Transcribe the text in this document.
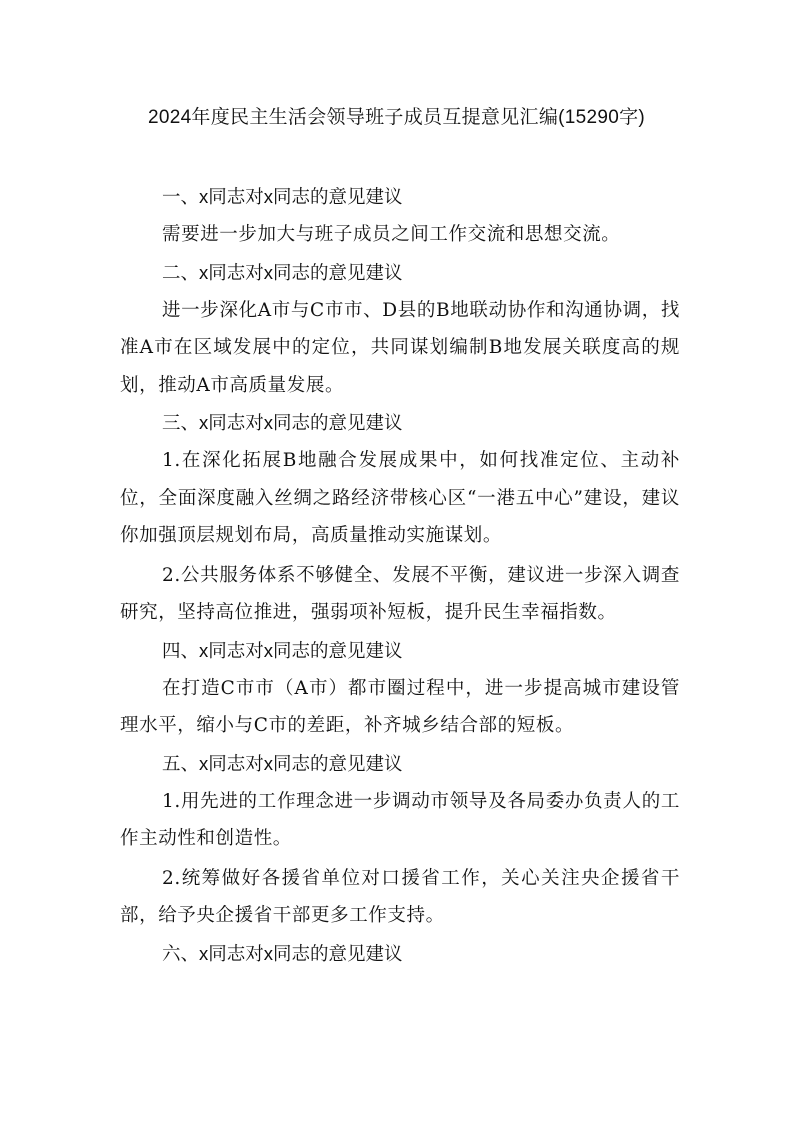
2024年度民主生活会领导班子成员互提意见汇编(15290字)
一、x同志对x同志的意见建议

需要进一步加大与班子成员之间工作交流和思想交流。

二、x同志对x同志的意见建议

进一步深化A市与C市市、D县的B地联动协作和沟通协调，找准A市在区域发展中的定位，共同谋划编制B地发展关联度高的规划，推动A市高质量发展。

三、x同志对x同志的意见建议

1.在深化拓展B地融合发展成果中，如何找准定位、主动补位，全面深度融入丝绸之路经济带核心区“一港五中心”建设，建议你加强顶层规划布局，高质量推动实施谋划。

2.公共服务体系不够健全、发展不平衡，建议进一步深入调查研究，坚持高位推进，强弱项补短板，提升民生幸福指数。

四、x同志对x同志的意见建议

在打造C市市（A市）都市圈过程中，进一步提高城市建设管理水平，缩小与C市的差距，补齐城乡结合部的短板。

五、x同志对x同志的意见建议

1.用先进的工作理念进一步调动市领导及各局委办负责人的工作主动性和创造性。

2.统筹做好各援省单位对口援省工作，关心关注央企援省干部，给予央企援省干部更多工作支持。

六、x同志对x同志的意见建议
